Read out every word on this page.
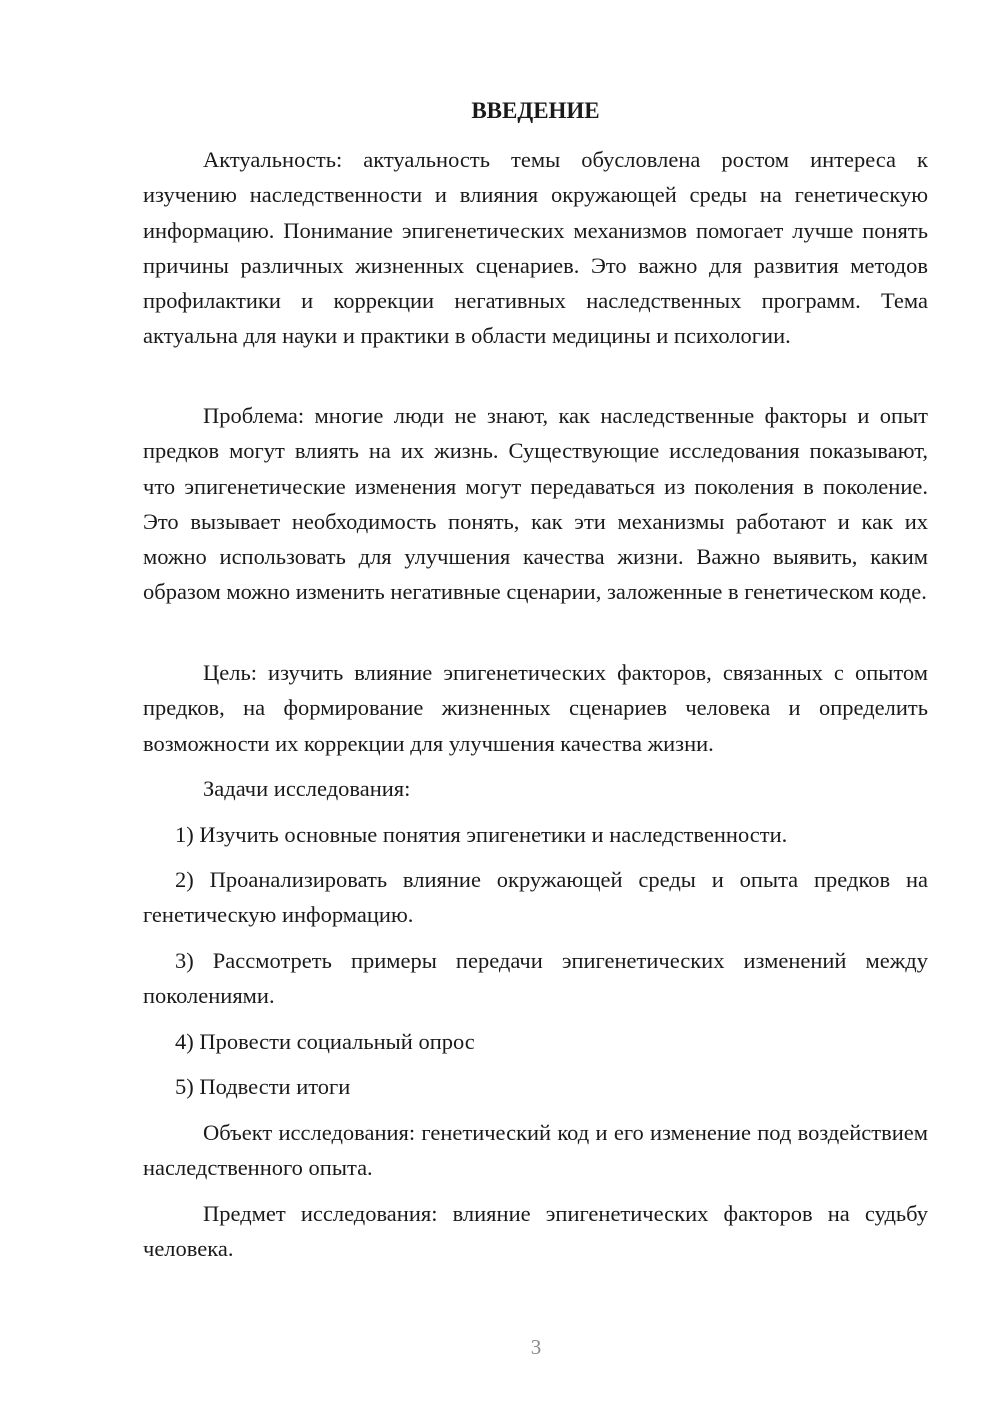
ВВЕДЕНИЕ

Актуальность: актуальность темы обусловлена ростом интереса к изучению наследственности и влияния окружающей среды на генетическую информацию. Понимание эпигенетических механизмов помогает лучше понять причины различных жизненных сценариев. Это важно для развития методов профилактики и коррекции негативных наследственных программ. Тема актуальна для науки и практики в области медицины и психологии.

Проблема: многие люди не знают, как наследственные факторы и опыт предков могут влиять на их жизнь. Существующие исследования показывают, что эпигенетические изменения могут передаваться из поколения в поколение. Это вызывает необходимость понять, как эти механизмы работают и как их можно использовать для улучшения качества жизни. Важно выявить, каким образом можно изменить негативные сценарии, заложенные в генетическом коде.

Цель: изучить влияние эпигенетических факторов, связанных с опытом предков, на формирование жизненных сценариев человека и определить возможности их коррекции для улучшения качества жизни.

Задачи исследования:

1) Изучить основные понятия эпигенетики и наследственности.

2) Проанализировать влияние окружающей среды и опыта предков на генетическую информацию.

3) Рассмотреть примеры передачи эпигенетических изменений между поколениями.

4) Провести социальный опрос

5) Подвести итоги

Объект исследования: генетический код и его изменение под воздействием наследственного опыта.

Предмет исследования: влияние эпигенетических факторов на судьбу человека.

3
